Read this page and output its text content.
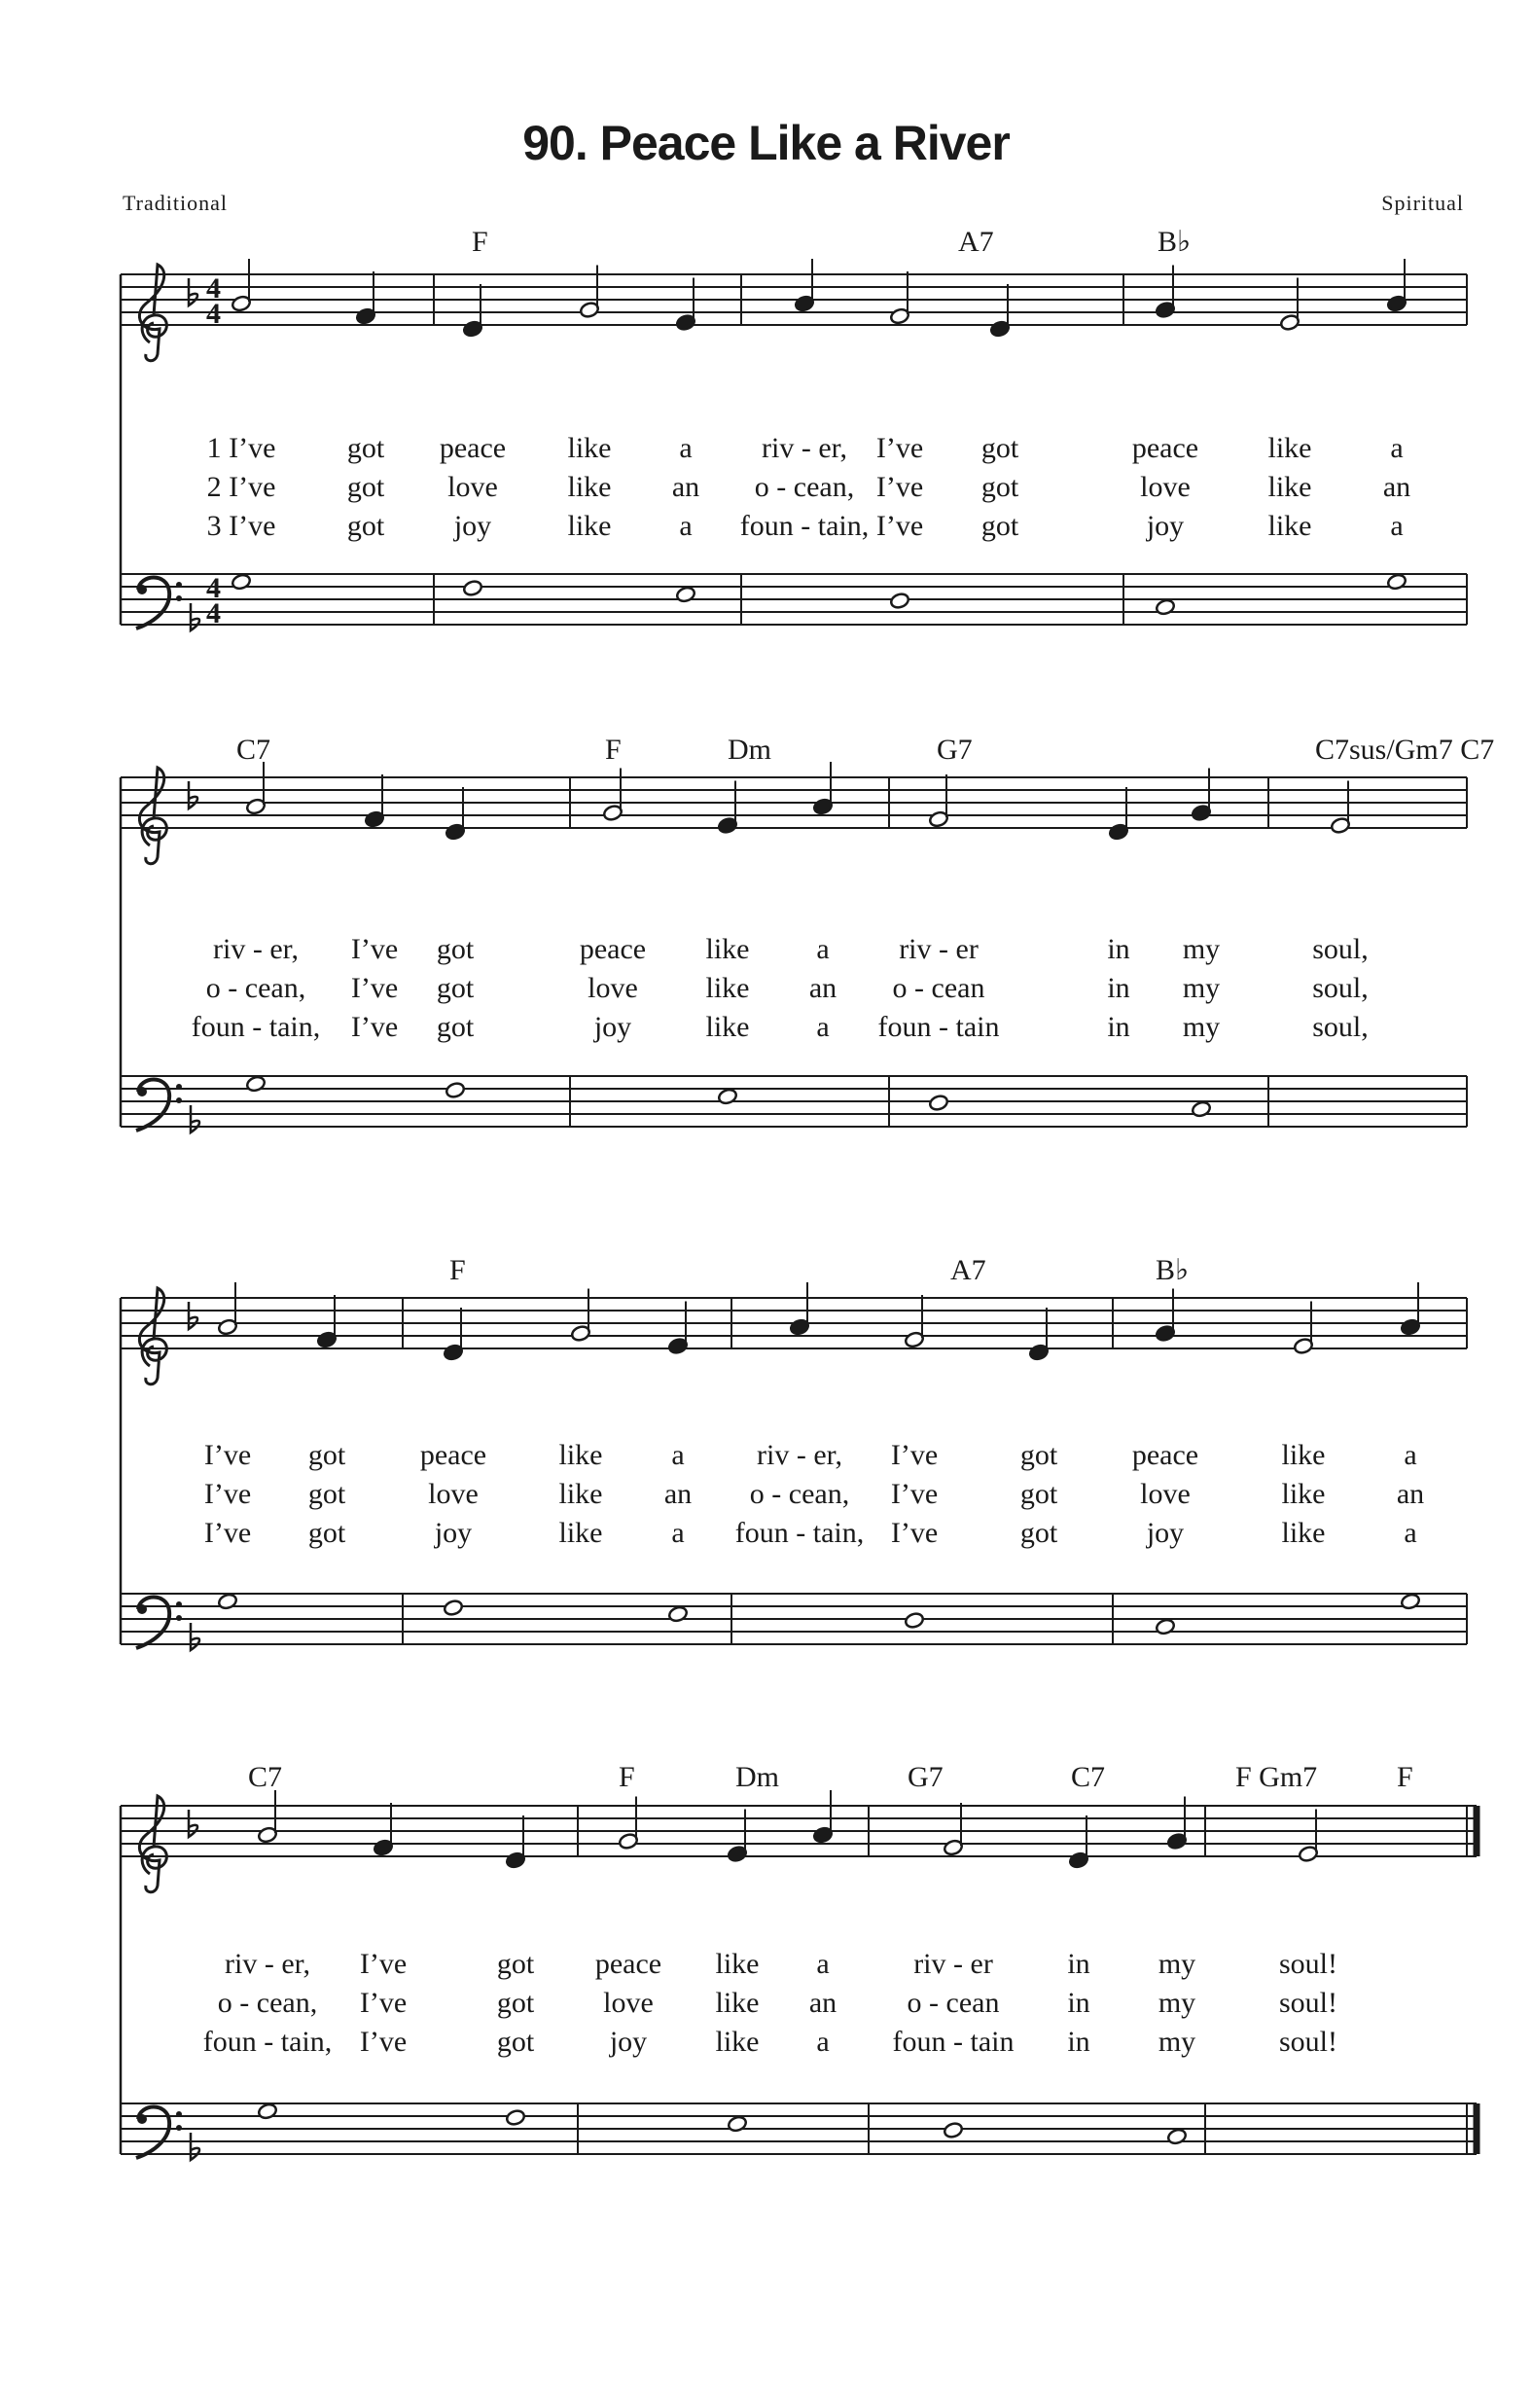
90. Peace Like a River
Traditional	Spiritual
4
4
4
4
F	A7	B♭
1 I’ve got peace like a riv - er, I’ve got	peace like	a
2 I’ve got love like an o - cean, I’ve got	love	like an
3 I’ve got joy	like a foun - tain, I’ve got	joy	like	a
C7	F	Dm	G7	C7sus/Gm7 C7
riv - er, I’ve got	peace like a riv - er	in my	soul,
o - cean, I’ve got	love like an o - cean	in my	soul,
foun - tain, I’ve got	joy	like a foun - tain	in my	soul,
F	A7	B♭
I’ve got	peace like a riv - er, I’ve	got	peace	like	a
I’ve got	love	like an o - cean, I’ve	got	love	like an
I’ve got	joy	like a foun - tain, I’ve	got	joy	like	a
C7	F	Dm	G7	C7	F Gm7	F
riv - er, I’ve	got peace like a	riv - er	in my	soul!
o - cean, I’ve	got love like an o - cean in my	soul!
foun - tain, I’ve	got	joy like a foun - tain in my	soul!
